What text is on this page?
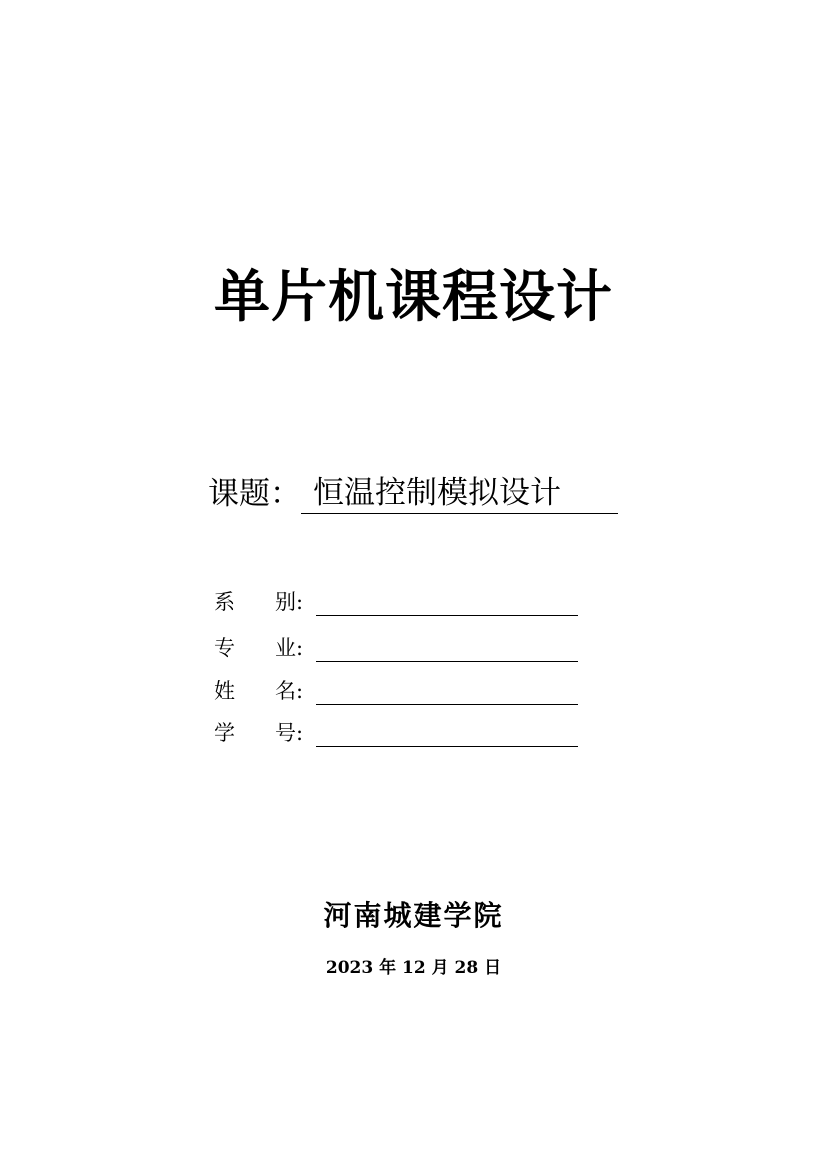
单片机课程设计
课题： 恒温控制模拟设计
系      别:
专      业:
姓      名:
学      号:
河南城建学院
2023 年 12 月 28 日
